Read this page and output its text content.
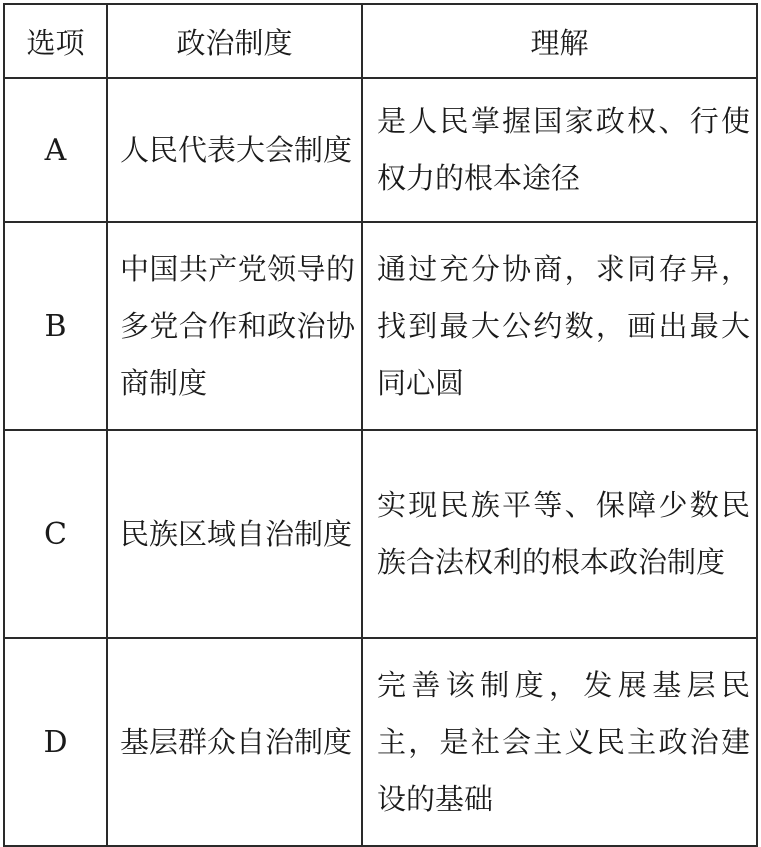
选项	政治制度	理解
A	人民代表大会制度	是人民掌握国家政权、行使权力的根本途径
B	中国共产党领导的多党合作和政治协商制度	通过充分协商，求同存异，找到最大公约数，画出最大同心圆
C	民族区域自治制度	实现民族平等、保障少数民族合法权利的根本政治制度
D	基层群众自治制度	完善该制度，发展基层民主，是社会主义民主政治建设的基础
